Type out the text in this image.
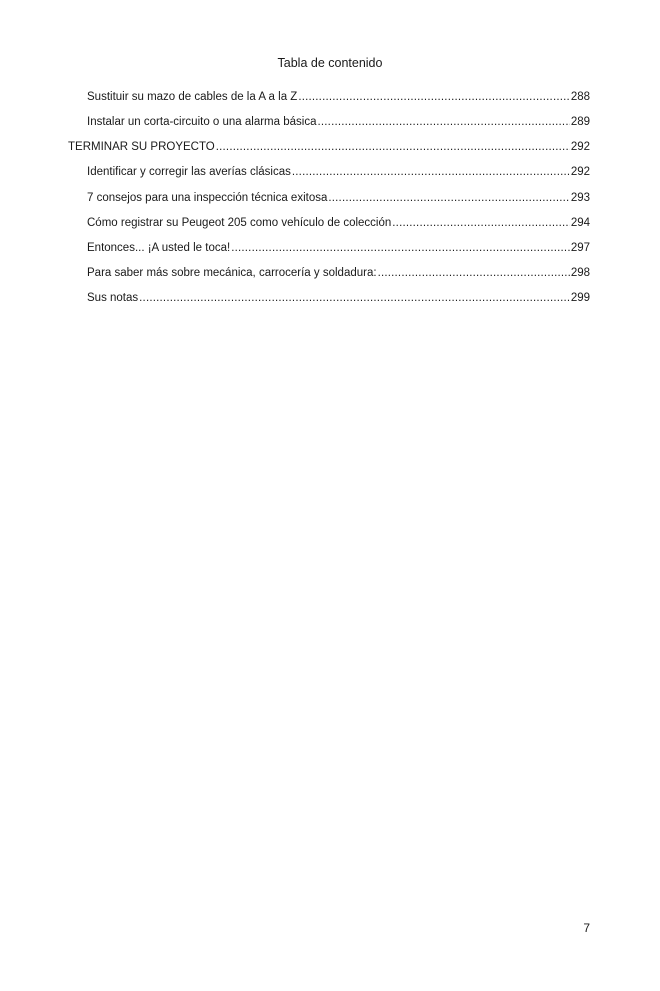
Tabla de contenido
Sustituir su mazo de cables de la A a la Z .....	288
Instalar un corta-circuito o una alarma básica .....	289
TERMINAR SU PROYECTO .....	292
Identificar y corregir las averías clásicas .....	292
7 consejos para una inspección técnica exitosa .....	293
Cómo registrar su Peugeot 205 como vehículo de colección .....	294
Entonces... ¡A usted le toca! .....	297
Para saber más sobre mecánica, carrocería y soldadura: .....	298
Sus notas .....	299
7
